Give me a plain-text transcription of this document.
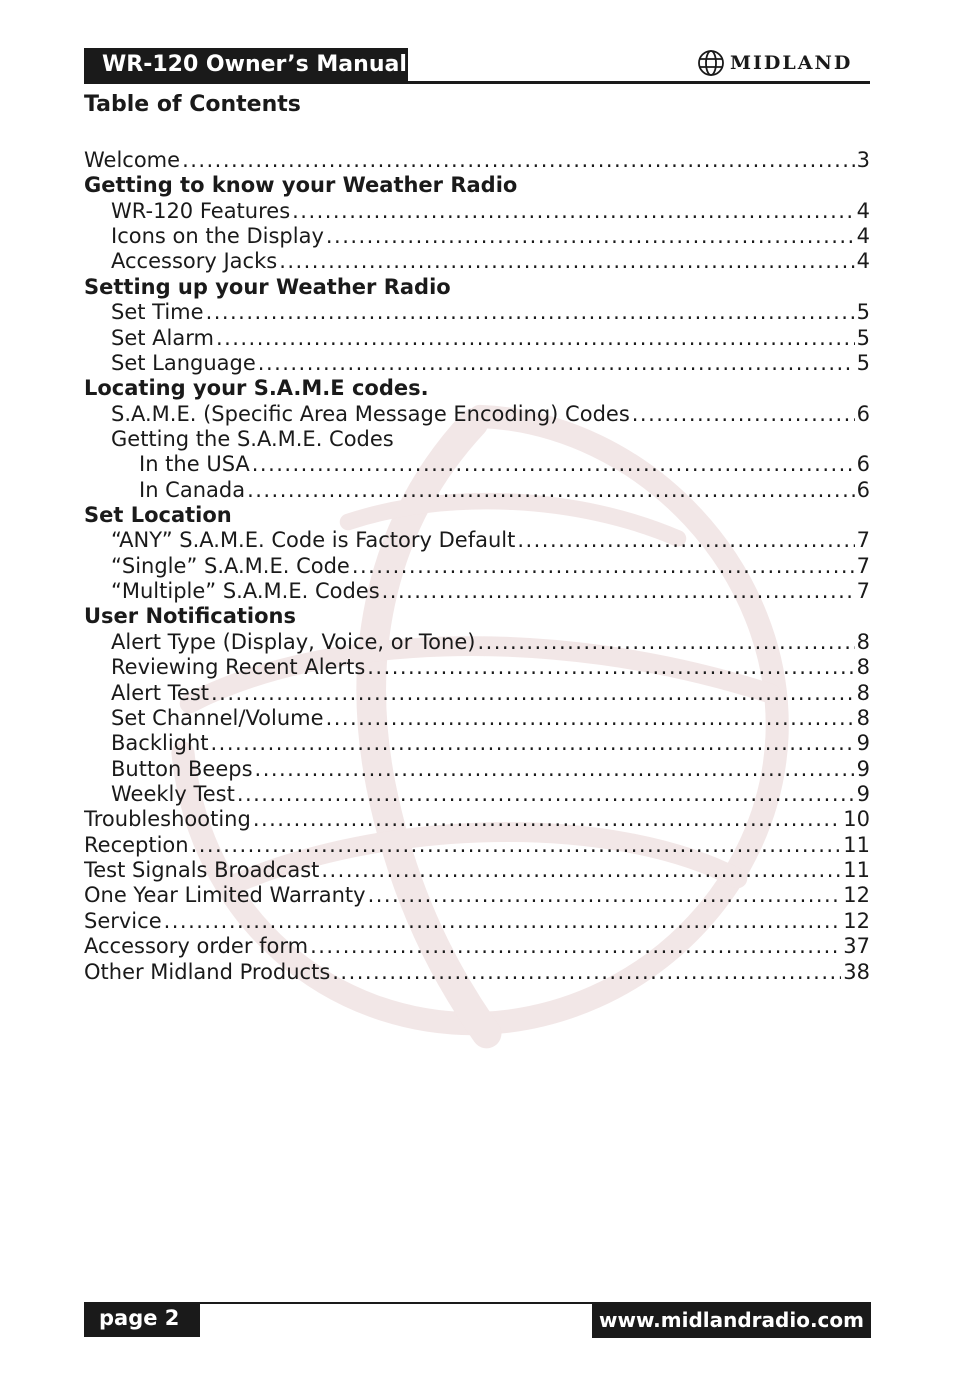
WR-120 Owner’s Manual	MIDLAND
Table of Contents
Welcome . . .	3
Getting to know your Weather Radio
WR-120 Features . . .	4
Icons on the Display . . .	4
Accessory Jacks . . .	4
Setting up your Weather Radio
Set Time . . .	5
Set Alarm . . .	5
Set Language . . .	5
Locating your S.A.M.E codes.
S.A.M.E. (Specific Area Message Encoding) Codes . . .	6
Getting the S.A.M.E. Codes
In the USA . . .	6
In Canada . . .	6
Set Location
“ANY” S.A.M.E. Code is Factory Default . . .	7
“Single” S.A.M.E. Code . . .	7
“Multiple” S.A.M.E. Codes . . .	7
User Notifications
Alert Type (Display, Voice, or Tone) . . .	8
Reviewing Recent Alerts . . .	8
Alert Test . . .	8
Set Channel/Volume . . .	8
Backlight . . .	9
Button Beeps . . .	9
Weekly Test . . .	9
Troubleshooting . . .	10
Reception . . .	11
Test Signals Broadcast . . .	11
One Year Limited Warranty . . .	12
Service . . .	12
Accessory order form . . .	37
Other Midland Products . . .	38
page 2	www.midlandradio.com
